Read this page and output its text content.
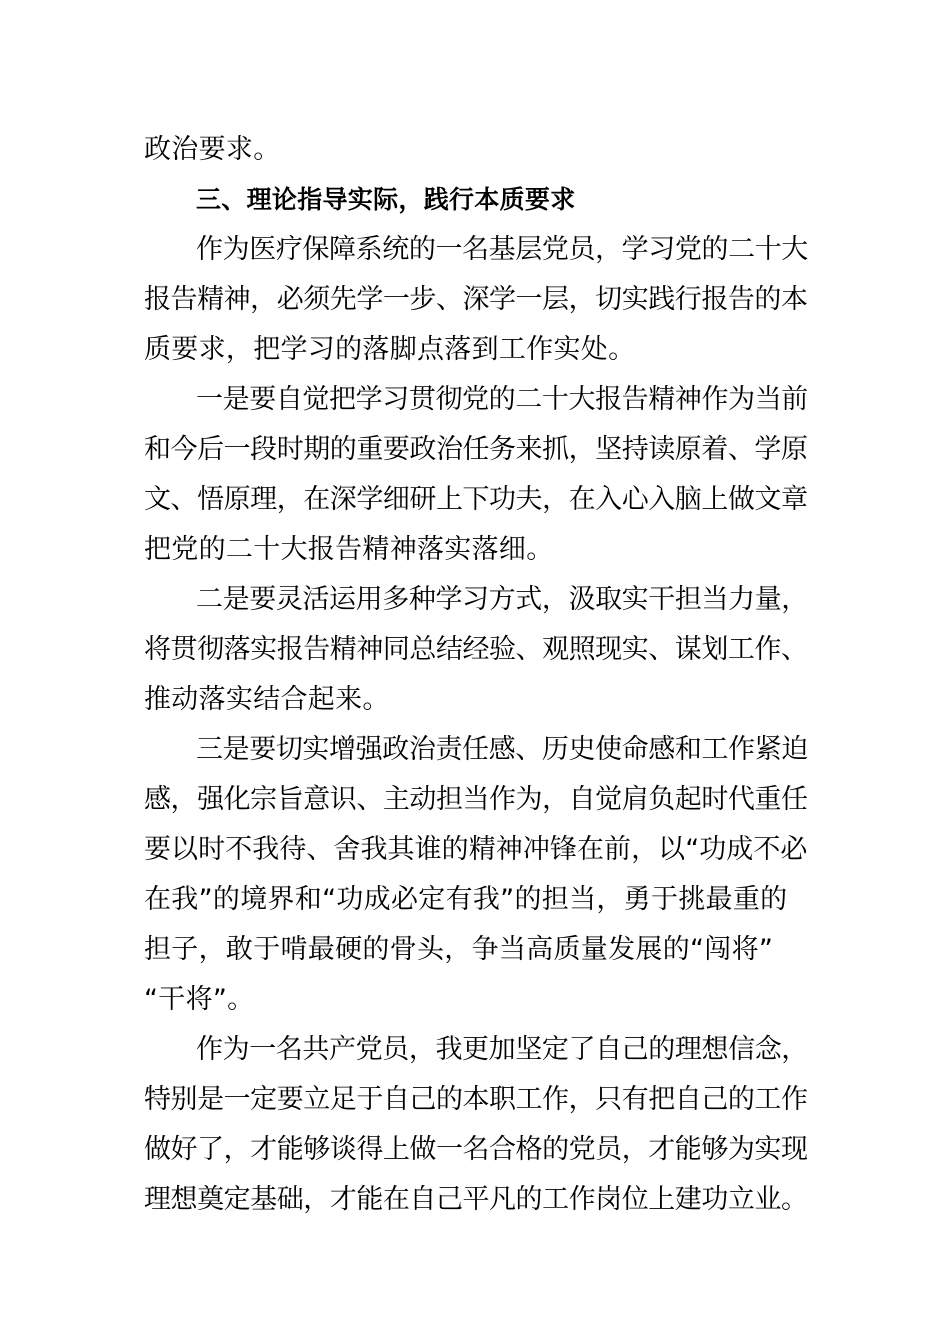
政治要求。
三、理论指导实际，践行本质要求
作为医疗保障系统的一名基层党员，学习党的二十大
报告精神，必须先学一步、深学一层，切实践行报告的本
质要求，把学习的落脚点落到工作实处。
一是要自觉把学习贯彻党的二十大报告精神作为当前
和今后一段时期的重要政治任务来抓，坚持读原着、学原
文、悟原理，在深学细研上下功夫，在入心入脑上做文章
把党的二十大报告精神落实落细。
二是要灵活运用多种学习方式，汲取实干担当力量，
将贯彻落实报告精神同总结经验、观照现实、谋划工作、
推动落实结合起来。
三是要切实增强政治责任感、历史使命感和工作紧迫
感，强化宗旨意识、主动担当作为，自觉肩负起时代重任
要以时不我待、舍我其谁的精神冲锋在前，以“功成不必
在我”的境界和“功成必定有我”的担当，勇于挑最重的
担子，敢于啃最硬的骨头，争当高质量发展的“闯将”
“干将”。
作为一名共产党员，我更加坚定了自己的理想信念，
特别是一定要立足于自己的本职工作，只有把自己的工作
做好了，才能够谈得上做一名合格的党员，才能够为实现
理想奠定基础，才能在自己平凡的工作岗位上建功立业。
